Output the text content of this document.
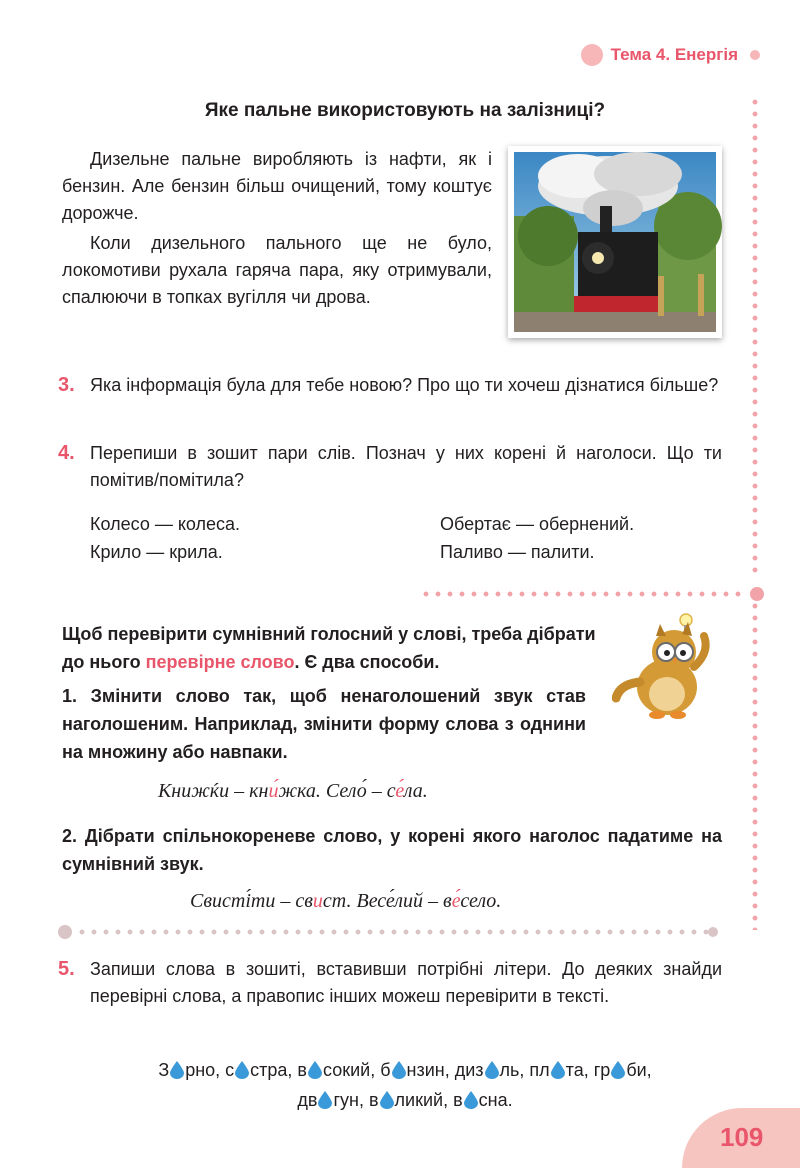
Тема 4. Енергія
Яке пальне використовують на залізниці?

Дизельне пальне виробляють із нафти, як і бензин. Але бензин більш очищений, тому коштує дорожче.

Коли дизельного пального ще не було, локомотиви рухала гаряча пара, яку отримували, спалюючи в топках вугілля чи дрова.

3. Яка інформація була для тебе новою? Про що ти хочеш дізнатися більше?
4. Перепиши в зошит пари слів. Познач у них корені й наголоси. Що ти помітив/помітила?
Колесо — колеса.
Крило — крила.
Обертає — обернений.
Паливо — палити.

Щоб перевірити сумнівний голосний у слові, треба дібрати до нього перевірне слово. Є два способи.

1. Змінити слово так, щоб ненаголошений звук став наголошеним. Наприклад, змінити форму слова з однини на множину або навпаки.

Книжќи – кни́жка. Село́ – се́ла.

2. Дібрати спільнокореневе слово, у корені якого наголос падатиме на сумнівний звук.

Свисті́ти – свист. Весе́лий – ве́село.
5. Запиши слова в зошиті, вставивши потрібні літери. До деяких знайди перевірні слова, а правопис інших можеш перевірити в тексті.
З рно, с стра, в сокий, б нзин, диз ль, пл та, гр би,
дв гун, в ликий, в сна.
109
